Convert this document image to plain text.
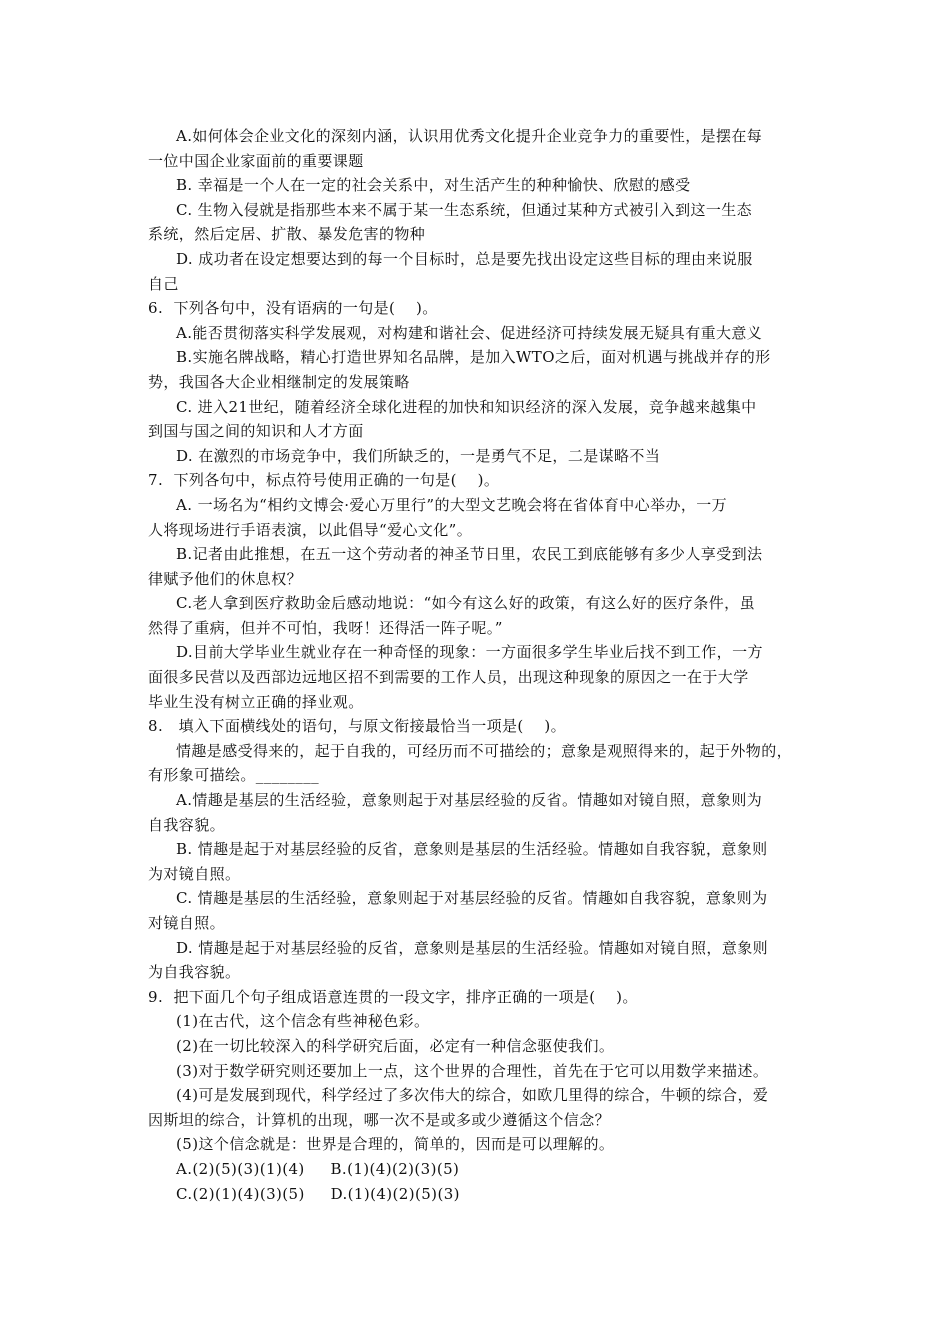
A.如何体会企业文化的深刻内涵，认识用优秀文化提升企业竞争力的重要性，是摆在每
一位中国企业家面前的重要课题
B. 幸福是一个人在一定的社会关系中，对生活产生的种种愉快、欣慰的感受
C. 生物入侵就是指那些本来不属于某一生态系统，但通过某种方式被引入到这一生态
系统，然后定居、扩散、暴发危害的物种
D. 成功者在设定想要达到的每一个目标时，总是要先找出设定这些目标的理由来说服
自己
6.  下列各句中，没有语病的一句是(    )。
A.能否贯彻落实科学发展观，对构建和谐社会、促进经济可持续发展无疑具有重大意义
B.实施名牌战略，精心打造世界知名品牌，是加入WTO之后，面对机遇与挑战并存的形
势，我国各大企业相继制定的发展策略
C. 进入21世纪，随着经济全球化进程的加快和知识经济的深入发展，竞争越来越集中
到国与国之间的知识和人才方面
D. 在激烈的市场竞争中，我们所缺乏的，一是勇气不足，二是谋略不当
7.  下列各句中，标点符号使用正确的一句是(    )。
A. 一场名为“相约文博会·爱心万里行”的大型文艺晚会将在省体育中心举办，一万
人将现场进行手语表演，以此倡导“爱心文化”。
B.记者由此推想，在五一这个劳动者的神圣节日里，农民工到底能够有多少人享受到法
律赋予他们的休息权？
C.老人拿到医疗救助金后感动地说：“如今有这么好的政策，有这么好的医疗条件，虽
然得了重病，但并不可怕，我呀！还得活一阵子呢。”
D.目前大学毕业生就业存在一种奇怪的现象：一方面很多学生毕业后找不到工作，一方
面很多民营以及西部边远地区招不到需要的工作人员，出现这种现象的原因之一在于大学
毕业生没有树立正确的择业观。
8.   填入下面横线处的语句，与原文衔接最恰当一项是(    )。
情趣是感受得来的，起于自我的，可经历而不可描绘的；意象是观照得来的，起于外物的，
有形象可描绘。________
A.情趣是基层的生活经验，意象则起于对基层经验的反省。情趣如对镜自照，意象则为
自我容貌。
B. 情趣是起于对基层经验的反省，意象则是基层的生活经验。情趣如自我容貌，意象则
为对镜自照。
C. 情趣是基层的生活经验，意象则起于对基层经验的反省。情趣如自我容貌，意象则为
对镜自照。
D. 情趣是起于对基层经验的反省，意象则是基层的生活经验。情趣如对镜自照，意象则
为自我容貌。
9.  把下面几个句子组成语意连贯的一段文字，排序正确的一项是(    )。
(1)在古代，这个信念有些神秘色彩。
(2)在一切比较深入的科学研究后面，必定有一种信念驱使我们。
(3)对于数学研究则还要加上一点，这个世界的合理性，首先在于它可以用数学来描述。
(4)可是发展到现代，科学经过了多次伟大的综合，如欧几里得的综合，牛顿的综合，爱
因斯坦的综合，计算机的出现，哪一次不是或多或少遵循这个信念？
(5)这个信念就是：世界是合理的，简单的，因而是可以理解的。
A.(2)(5)(3)(1)(4)     B.(1)(4)(2)(3)(5)
C.(2)(1)(4)(3)(5)     D.(1)(4)(2)(5)(3)
